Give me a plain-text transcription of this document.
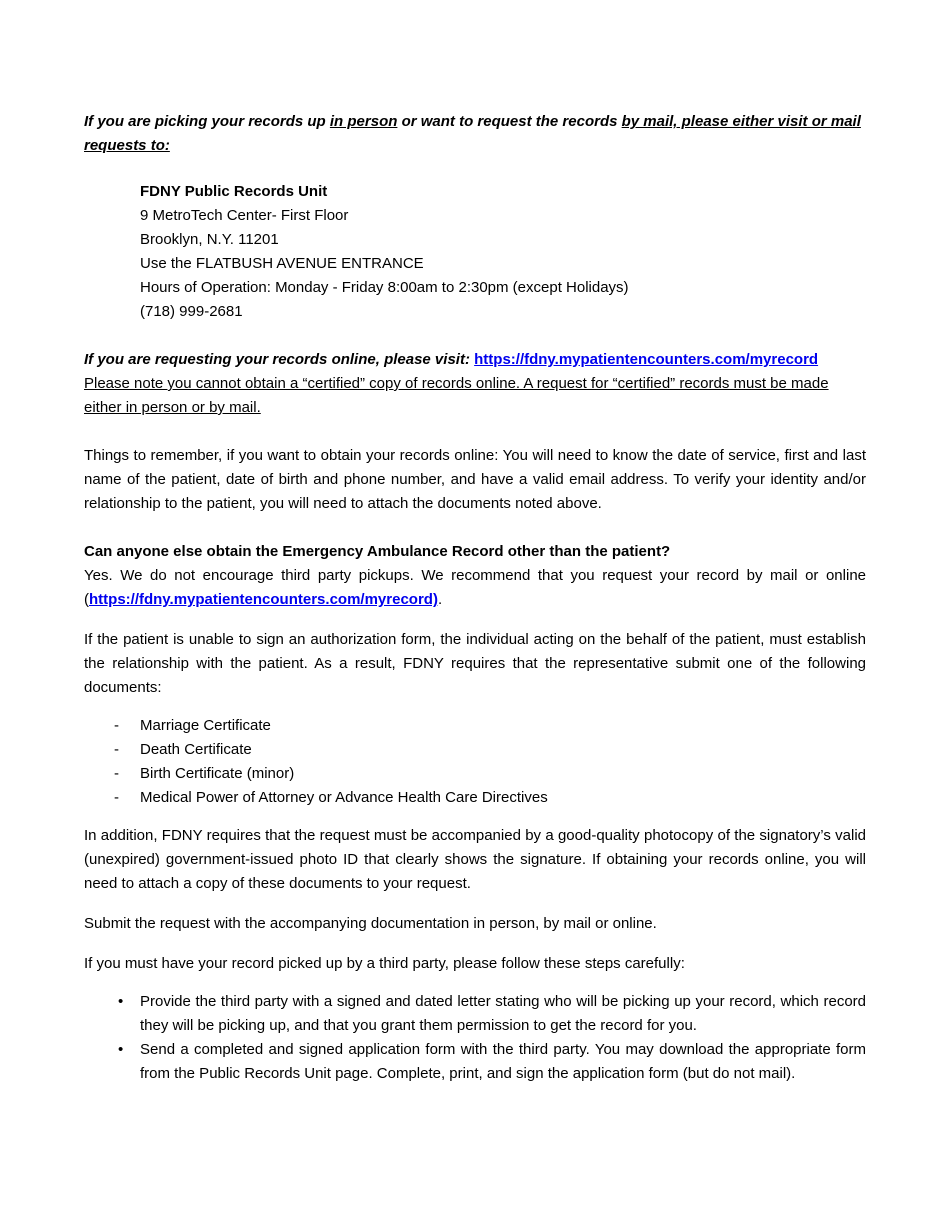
If you are picking your records up in person or want to request the records by mail, please either visit or mail requests to:

FDNY Public Records Unit
9 MetroTech Center- First Floor
Brooklyn, N.Y. 11201
Use the FLATBUSH AVENUE ENTRANCE
Hours of Operation: Monday - Friday 8:00am to 2:30pm (except Holidays)
(718) 999-2681

If you are requesting your records online, please visit: https://fdny.mypatientencounters.com/myrecord
Please note you cannot obtain a “certified” copy of records online. A request for “certified” records must be made either in person or by mail.

Things to remember, if you want to obtain your records online: You will need to know the date of service, first and last name of the patient, date of birth and phone number, and have a valid email address. To verify your identity and/or relationship to the patient, you will need to attach the documents noted above.

Can anyone else obtain the Emergency Ambulance Record other than the patient?

Yes. We do not encourage third party pickups. We recommend that you request your record by mail or online (https://fdny.mypatientencounters.com/myrecord).

If the patient is unable to sign an authorization form, the individual acting on the behalf of the patient, must establish the relationship with the patient. As a result, FDNY requires that the representative submit one of the following documents:

- Marriage Certificate
- Death Certificate
- Birth Certificate (minor)
- Medical Power of Attorney or Advance Health Care Directives

In addition, FDNY requires that the request must be accompanied by a good-quality photocopy of the signatory’s valid (unexpired) government-issued photo ID that clearly shows the signature. If obtaining your records online, you will need to attach a copy of these documents to your request.

Submit the request with the accompanying documentation in person, by mail or online.

If you must have your record picked up by a third party, please follow these steps carefully:

• Provide the third party with a signed and dated letter stating who will be picking up your record, which record they will be picking up, and that you grant them permission to get the record for you.
• Send a completed and signed application form with the third party. You may download the appropriate form from the Public Records Unit page. Complete, print, and sign the application form (but do not mail).
